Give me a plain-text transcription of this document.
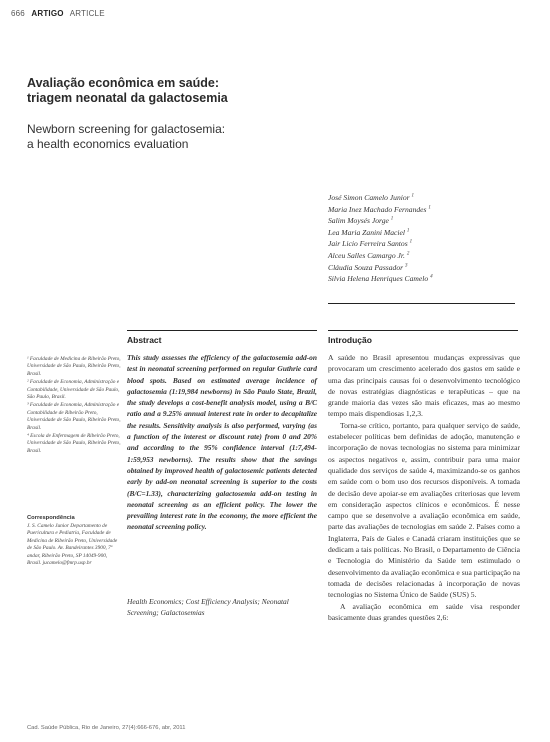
666 ARTIGO ARTICLE
Avaliação econômica em saúde:
triagem neonatal da galactosemia
Newborn screening for galactosemia:
a health economics evaluation
José Simon Camelo Junior $^1$
Maria Inez Machado Fernandes $^1$
Salim Moysés Jorge $^1$
Lea Maria Zanini Maciel $^1$
Jair Licio Ferreira Santos $^1$
Alceu Salles Camargo Jr. $^2$
Cláudia Souza Passador $^3$
Silvia Helena Henriques Camelo $^4$
Abstract	Introdução
¹ Faculdade de Medicina de Ribeirão Preto, Universidade de São Paulo, Ribeirão Preto, Brasil.
² Faculdade de Economia, Administração e Contabilidade, Universidade de São Paulo, São Paulo, Brasil.
³ Faculdade de Economia, Administração e Contabilidade de Ribeirão Preto, Universidade de São Paulo, Ribeirão Preto, Brasil.
⁴ Escola de Enfermagem de Ribeirão Preto, Universidade de São Paulo, Ribeirão Preto, Brasil.
Correspondência
J. S. Camelo Junior Departamento de Puericultura e Pediatria, Faculdade de Medicina de Ribeirão Preto, Universidade de São Paulo. Av. Bandeirantes 3900, 7º andar, Ribeirão Preto, SP 14049-900, Brasil. jucamelo@fmrp.usp.br
This study assesses the efficiency of the galactosemia add-on test in neonatal screening performed on regular Guthrie card blood spots. Based on estimated average incidence of galactosemia (1:19,984 newborns) in São Paulo State, Brazil, the study develops a cost-benefit analysis model, using a B/C ratio and a 9.25% annual interest rate in order to decapitalize the results. Sensitivity analysis is also performed, varying (as a function of the interest or discount rate) from 0 and 20% and according to the 95% confidence interval (1:7,494-1:59,953 newborns). The results show that the savings obtained by improved health of galactosemic patients detected early by add-on neonatal screening is superior to the costs (B/C=1.33), characterizing galactosemia add-on testing in neonatal screening as an efficient policy. The lower the prevailing interest rate in the economy, the more efficient the neonatal screening policy.
Health Economics; Cost Efficiency Analysis; Neonatal Screening; Galactosemias

A saúde no Brasil apresentou mudanças expressivas que provocaram um crescimento acelerado dos gastos em saúde e uma das principais causas foi o desenvolvimento tecnológico de novas estratégias diagnósticas e terapêuticas – que na grande maioria das vezes são mais eficazes, mas ao mesmo tempo mais dispendiosas 1,2,3.

Torna-se crítico, portanto, para qualquer serviço de saúde, estabelecer políticas bem definidas de adoção, manutenção e incorporação de novas tecnologias no sistema para minimizar os aspectos negativos e, assim, contribuir para uma maior qualidade dos serviços de saúde 4, maximizando-se os ganhos em saúde com o bom uso dos recursos disponíveis. A tomada de decisão deve apoiar-se em avaliações criteriosas que levem em consideração aspectos clínicos e econômicos. É nesse campo que se desenvolve a avaliação econômica em saúde, parte das avaliações de tecnologias em saúde 2. Países como a Inglaterra, País de Gales e Canadá criaram instituições que se dedicam a tais políticas. No Brasil, o Departamento de Ciência e Tecnologia do Ministério da Saúde tem estimulado o desenvolvimento da avaliação econômica e sua participação na tomada de decisões relacionadas à incorporação de novas tecnologias no Sistema Único de Saúde (SUS) 5.

A avaliação econômica em saúde visa responder basicamente duas grandes questões 2,6:

Cad. Saúde Pública, Rio de Janeiro, 27(4):666-676, abr, 2011
